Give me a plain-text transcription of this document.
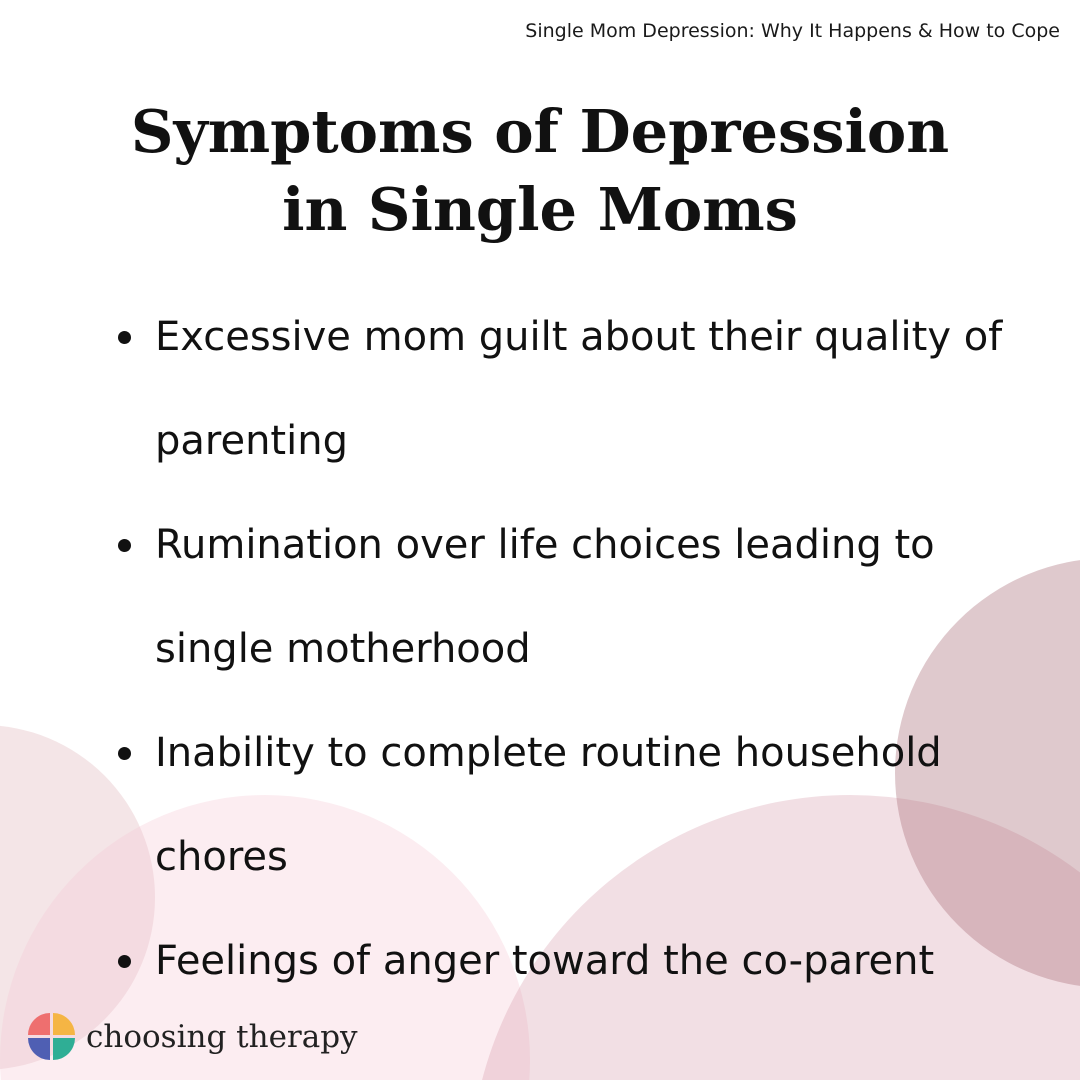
Single Mom Depression: Why It Happens & How to Cope
Symptoms of Depression
in Single Moms
Excessive mom guilt about their quality of
parenting
Rumination over life choices leading to
single motherhood
Inability to complete routine household
chores
Feelings of anger toward the co-parent
choosing therapy
